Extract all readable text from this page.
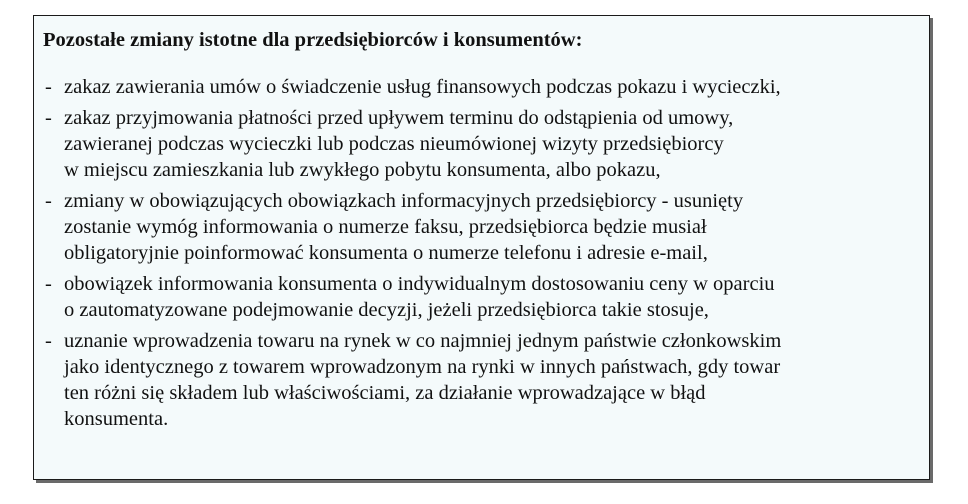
Pozostałe zmiany istotne dla przedsiębiorców i konsumentów:
- zakaz zawierania umów o świadczenie usług finansowych podczas pokazu i wycieczki,
- zakaz przyjmowania płatności przed upływem terminu do odstąpienia od umowy,
zawieranej podczas wycieczki lub podczas nieumówionej wizyty przedsiębiorcy
w miejscu zamieszkania lub zwykłego pobytu konsumenta, albo pokazu,
- zmiany w obowiązujących obowiązkach informacyjnych przedsiębiorcy - usunięty
zostanie wymóg informowania o numerze faksu, przedsiębiorca będzie musiał
obligatoryjnie poinformować konsumenta o numerze telefonu i adresie e-mail,
- obowiązek informowania konsumenta o indywidualnym dostosowaniu ceny w oparciu
o zautomatyzowane podejmowanie decyzji, jeżeli przedsiębiorca takie stosuje,
- uznanie wprowadzenia towaru na rynek w co najmniej jednym państwie członkowskim
jako identycznego z towarem wprowadzonym na rynki w innych państwach, gdy towar
ten różni się składem lub właściwościami, za działanie wprowadzające w błąd
konsumenta.
